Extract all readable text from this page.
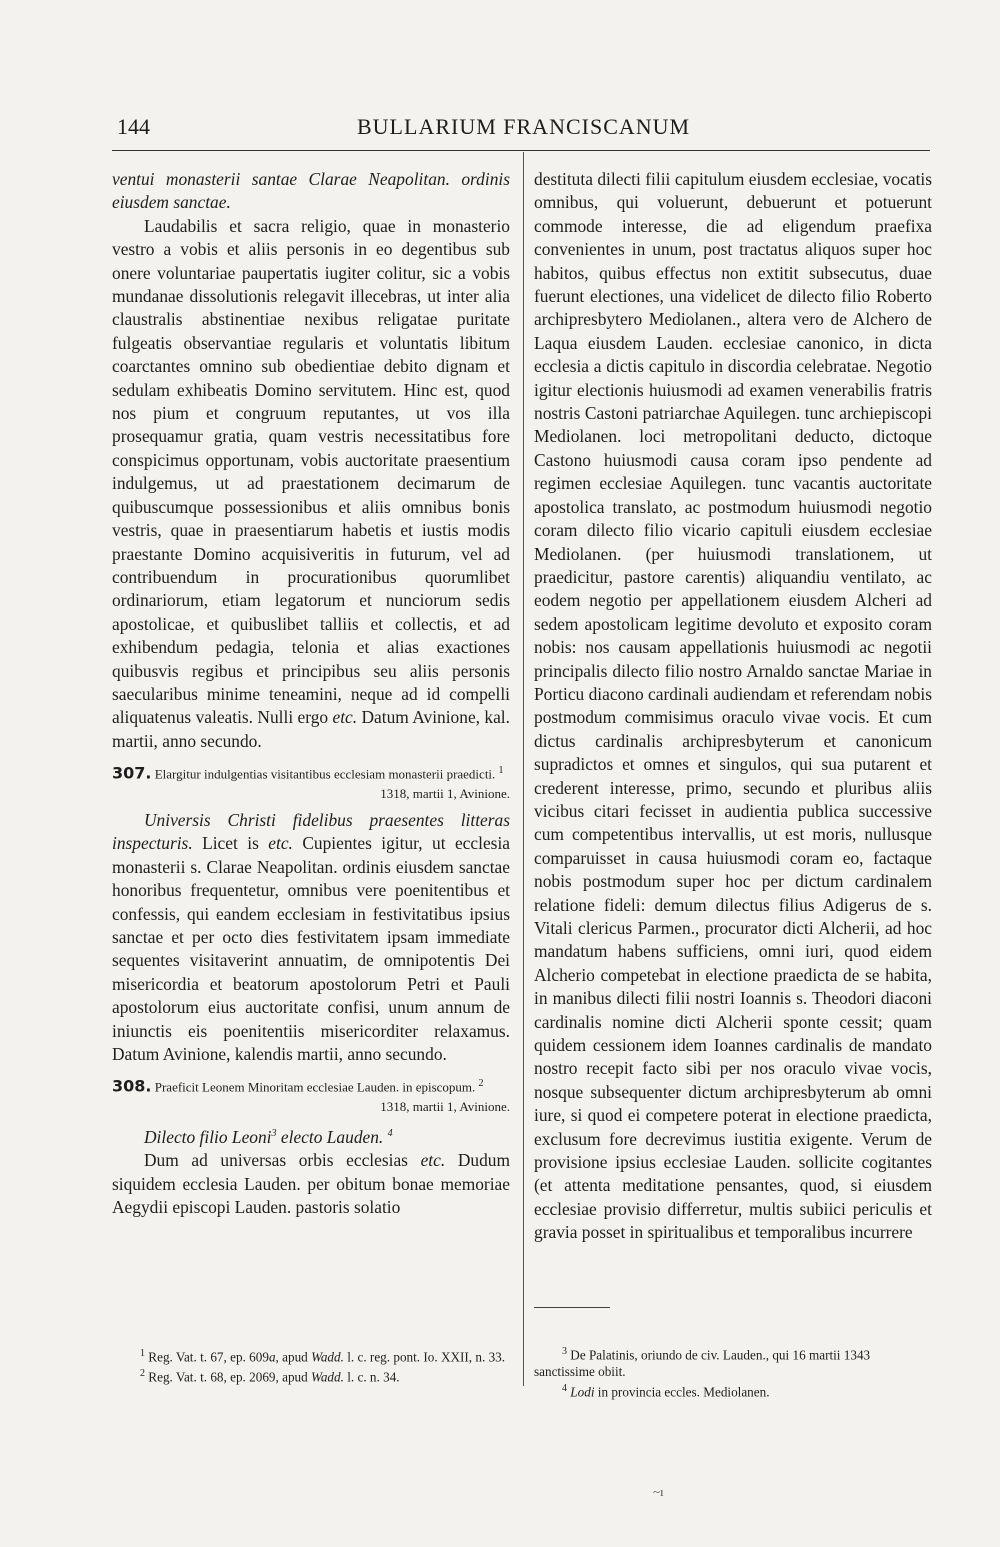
144	BULLARIUM FRANCISCANUM

ventui monasterii santae Clarae Neapolitan. ordinis eiusdem sanctae.

Laudabilis et sacra religio, quae in monasterio vestro a vobis et aliis personis in eo degentibus sub onere voluntariae paupertatis iugiter colitur, sic a vobis mundanae dissolutionis relegavit illecebras, ut inter alia claustralis abstinentiae nexibus religatae puritate fulgeatis observantiae regularis et voluntatis libitum coarctantes omnino sub obedientiae debito dignam et sedulam exhibeatis Domino servitutem. Hinc est, quod nos pium et congruum reputantes, ut vos illa prosequamur gratia, quam vestris necessitatibus fore conspicimus opportunam, vobis auctoritate praesentium indulgemus, ut ad praestationem decimarum de quibuscumque possessionibus et aliis omnibus bonis vestris, quae in praesentiarum habetis et iustis modis praestante Domino acquisiveritis in futurum, vel ad contribuendum in procurationibus quorumlibet ordinariorum, etiam legatorum et nunciorum sedis apostolicae, et quibuslibet talliis et collectis, et ad exhibendum pedagia, telonia et alias exactiones quibusvis regibus et principibus seu aliis personis saecularibus minime teneamini, neque ad id compelli aliquatenus valeatis. Nulli ergo etc. Datum Avinione, kal. martii, anno secundo.

307. Elargitur indulgentias visitantibus ecclesiam monasterii praedicti. $^1$
1318, martii 1, Avinione.

Universis Christi fidelibus praesentes litteras inspecturis. Licet is etc. Cupientes igitur, ut ecclesia monasterii s. Clarae Neapolitan. ordinis eiusdem sanctae honoribus frequentetur, omnibus vere poenitentibus et confessis, qui eandem ecclesiam in festivitatibus ipsius sanctae et per octo dies festivitatem ipsam immediate sequentes visitaverint annuatim, de omnipotentis Dei misericordia et beatorum apostolorum Petri et Pauli apostolorum eius auctoritate confisi, unum annum de iniunctis eis poenitentiis misericorditer relaxamus. Datum Avinione, kalendis martii, anno secundo.

308. Praeficit Leonem Minoritam ecclesiae Lauden. in episcopum. $^2$
1318, martii 1, Avinione.

Dilecto filio Leoni$^3$ electo Lauden. $^4$

Dum ad universas orbis ecclesias etc. Dudum siquidem ecclesia Lauden. per obitum bonae memoriae Aegydii episcopi Lauden. pastoris solatio

destituta dilecti filii capitulum eiusdem ecclesiae, vocatis omnibus, qui voluerunt, debuerunt et potuerunt commode interesse, die ad eligendum praefixa convenientes in unum, post tractatus aliquos super hoc habitos, quibus effectus non extitit subsecutus, duae fuerunt electiones, una videlicet de dilecto filio Roberto archipresbytero Mediolanen., altera vero de Alchero de Laqua eiusdem Lauden. ecclesiae canonico, in dicta ecclesia a dictis capitulo in discordia celebratae. Negotio igitur electionis huiusmodi ad examen venerabilis fratris nostris Castoni patriarchae Aquilegen. tunc archiepiscopi Mediolanen. loci metropolitani deducto, dictoque Castono huiusmodi causa coram ipso pendente ad regimen ecclesiae Aquilegen. tunc vacantis auctoritate apostolica translato, ac postmodum huiusmodi negotio coram dilecto filio vicario capituli eiusdem ecclesiae Mediolanen. (per huiusmodi translationem, ut praedicitur, pastore carentis) aliquandiu ventilato, ac eodem negotio per appellationem eiusdem Alcheri ad sedem apostolicam legitime devoluto et exposito coram nobis: nos causam appellationis huiusmodi ac negotii principalis dilecto filio nostro Arnaldo sanctae Mariae in Porticu diacono cardinali audiendam et referendam nobis postmodum commisimus oraculo vivae vocis. Et cum dictus cardinalis archipresbyterum et canonicum supradictos et omnes et singulos, qui sua putarent et crederent interesse, primo, secundo et pluribus aliis vicibus citari fecisset in audientia publica successive cum competentibus intervallis, ut est moris, nullusque comparuisset in causa huiusmodi coram eo, factaque nobis postmodum super hoc per dictum cardinalem relatione fideli: demum dilectus filius Adigerus de s. Vitali clericus Parmen., procurator dicti Alcherii, ad hoc mandatum habens sufficiens, omni iuri, quod eidem Alcherio competebat in electione praedicta de se habita, in manibus dilecti filii nostri Ioannis s. Theodori diaconi cardinalis nomine dicti Alcherii sponte cessit; quam quidem cessionem idem Ioannes cardinalis de mandato nostro recepit facto sibi per nos oraculo vivae vocis, nosque subsequenter dictum archipresbyterum ab omni iure, si quod ei competere poterat in electione praedicta, exclusum fore decrevimus iustitia exigente. Verum de provisione ipsius ecclesiae Lauden. sollicite cogitantes (et attenta meditatione pensantes, quod, si eiusdem ecclesiae provisio differretur, multis subiici periculis et gravia posset in spiritualibus et temporalibus incurrere

$^1$ Reg. Vat. t. 67, ep. 609a, apud Wadd. l. c. reg. pont. Io. XXII, n. 33.

$^2$ Reg. Vat. t. 68, ep. 2069, apud Wadd. l. c. n. 34.

$^3$ De Palatinis, oriundo de civ. Lauden., qui 16 martii 1343 sanctissime obiit.

$^4$ Lodi in provincia eccles. Mediolanen.

~ı
